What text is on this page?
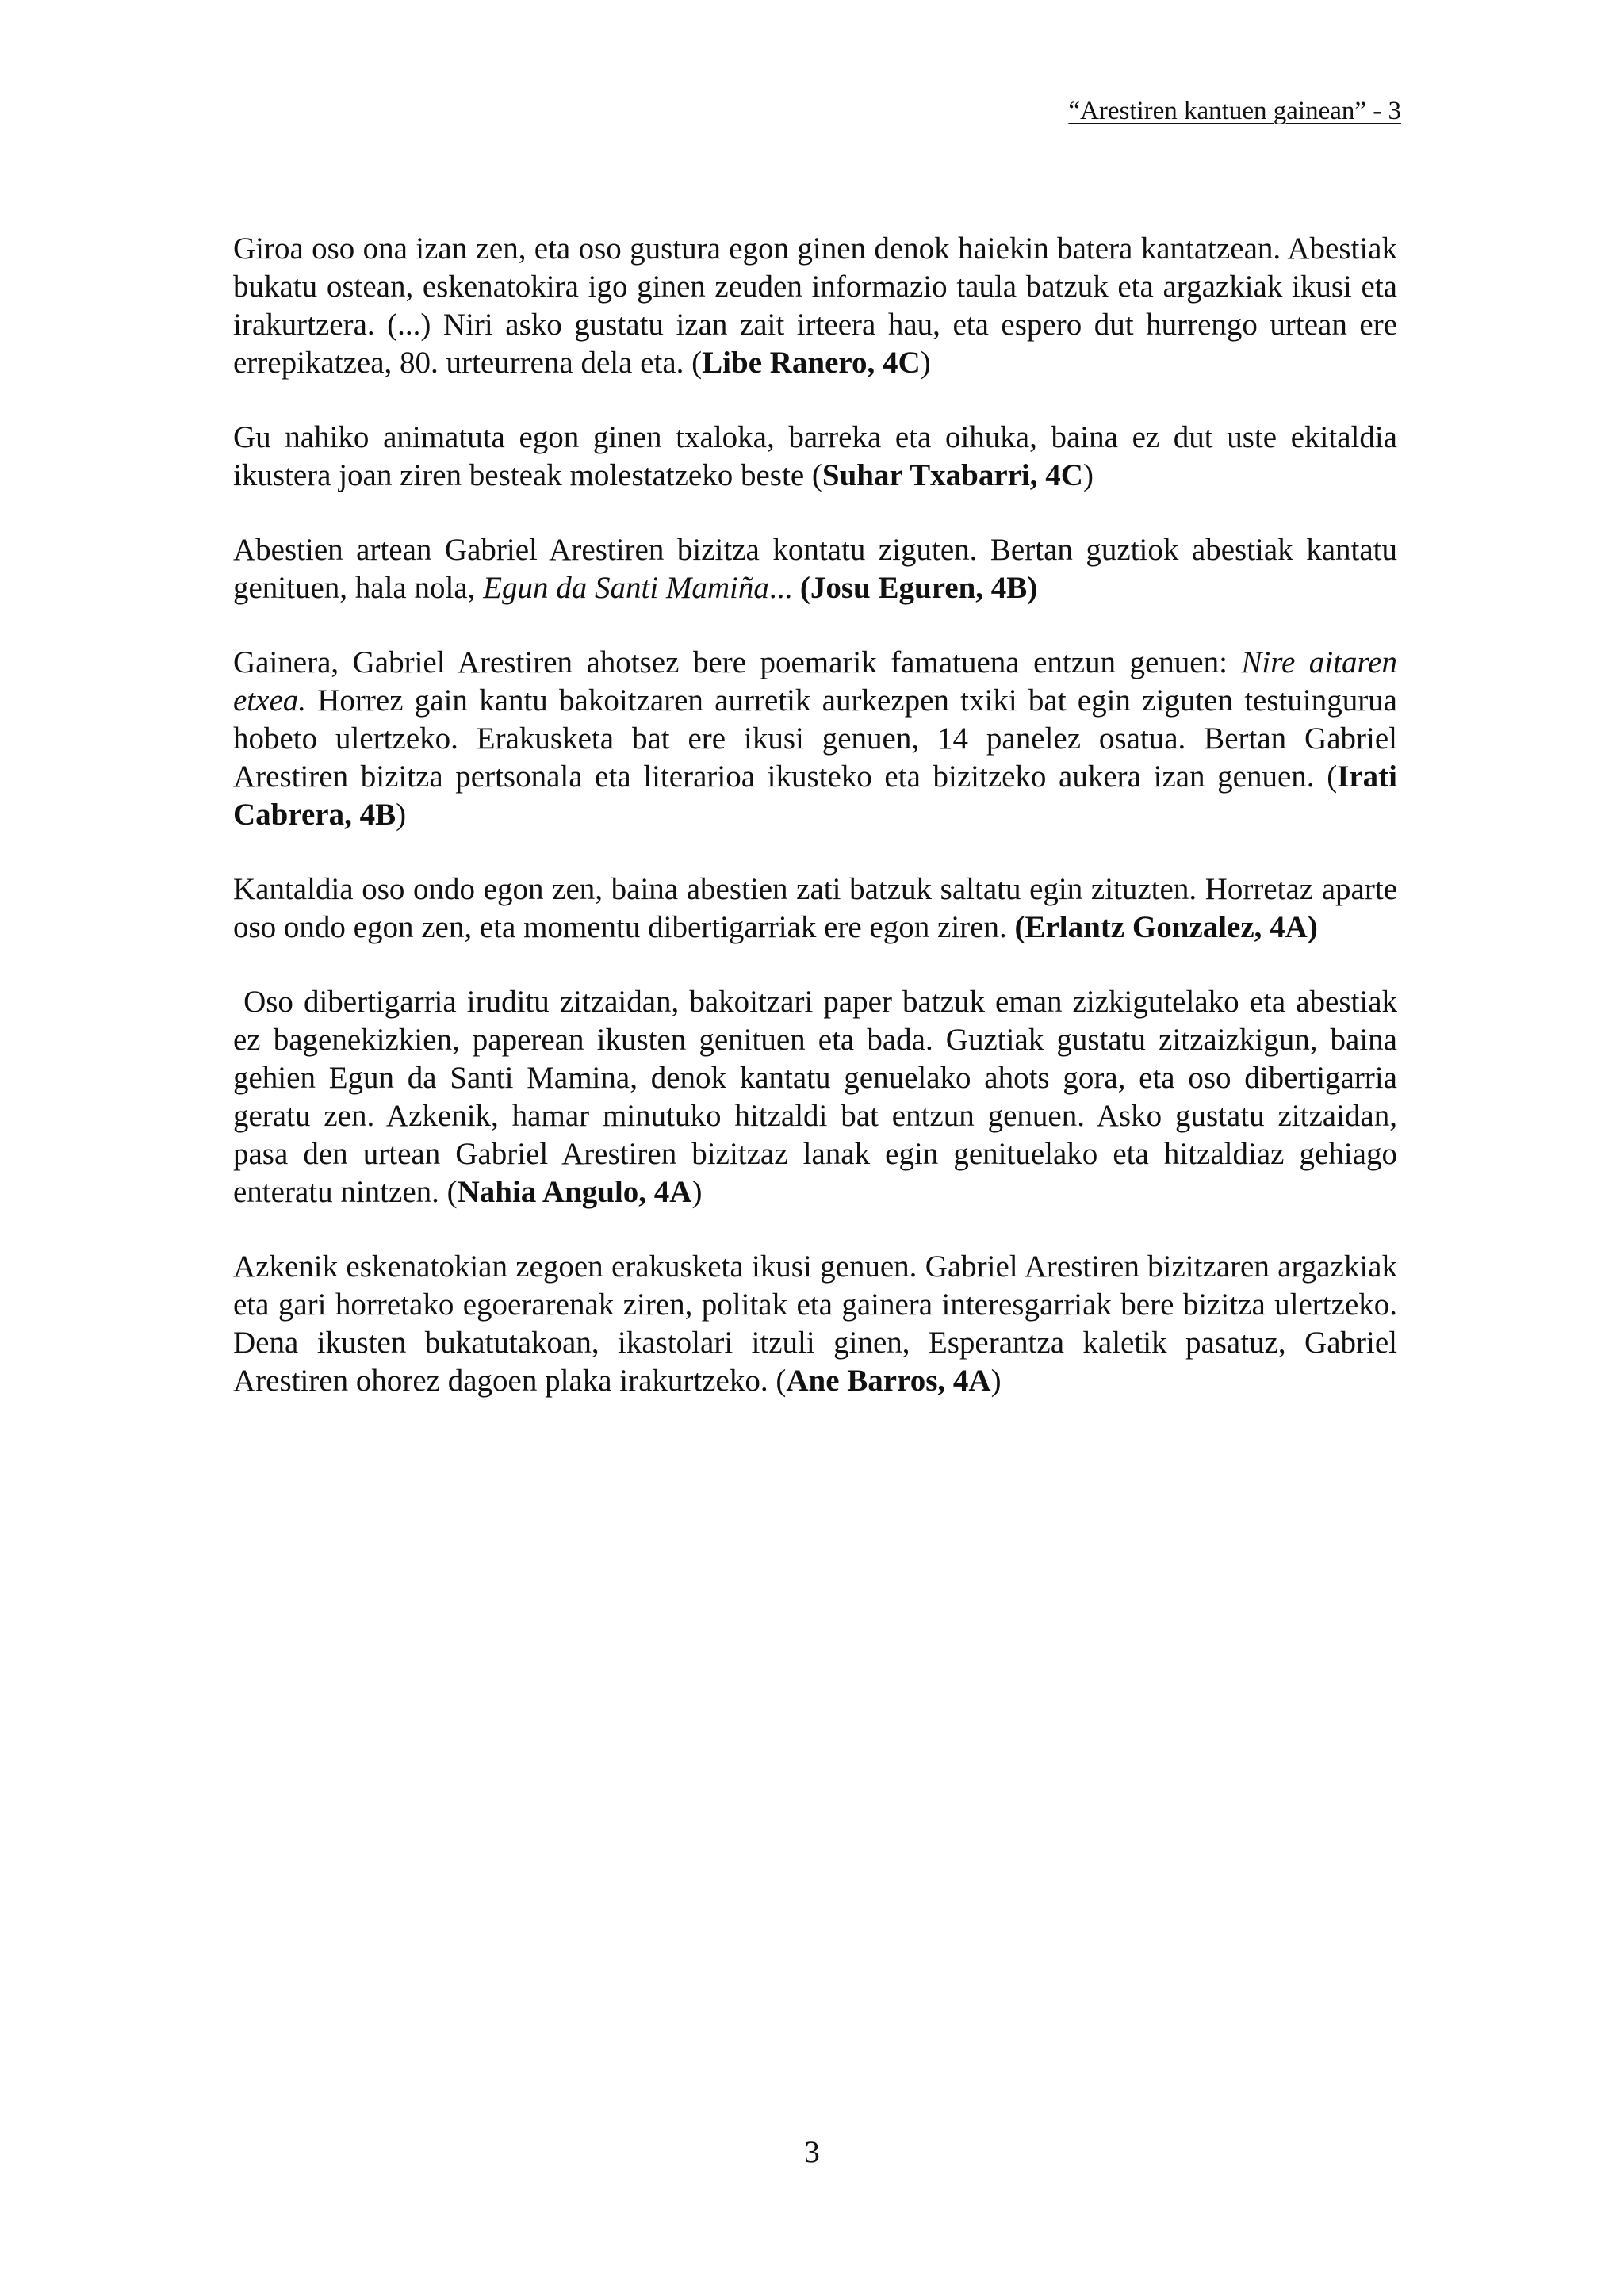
“Arestiren kantuen gainean” - 3

Giroa oso ona izan zen, eta oso gustura egon ginen denok haiekin batera kantatzean. Abestiak bukatu ostean, eskenatokira igo ginen zeuden informazio taula batzuk eta argazkiak ikusi eta irakurtzera. (...) Niri asko gustatu izan zait irteera hau, eta espero dut hurrengo urtean ere errepikatzea, 80. urteurrena dela eta. (Libe Ranero, 4C)

Gu nahiko animatuta egon ginen txaloka, barreka eta oihuka, baina ez dut uste ekitaldia ikustera joan ziren besteak molestatzeko beste (Suhar Txabarri, 4C)

Abestien artean Gabriel Arestiren bizitza kontatu ziguten. Bertan guztiok abestiak kantatu genituen, hala nola, Egun da Santi Mamiña... (Josu Eguren, 4B)

Gainera, Gabriel Arestiren ahotsez bere poemarik famatuena entzun genuen: Nire aitaren etxea. Horrez gain kantu bakoitzaren aurretik aurkezpen txiki bat egin ziguten testuingurua hobeto ulertzeko. Erakusketa bat ere ikusi genuen, 14 panelez osatua. Bertan Gabriel Arestiren bizitza pertsonala eta literarioa ikusteko eta bizitzeko aukera izan genuen. (Irati Cabrera, 4B)

Kantaldia oso ondo egon zen, baina abestien zati batzuk saltatu egin zituzten. Horretaz aparte oso ondo egon zen, eta momentu dibertigarriak ere egon ziren. (Erlantz Gonzalez, 4A)

Oso dibertigarria iruditu zitzaidan, bakoitzari paper batzuk eman zizkigutelako eta abestiak ez bagenekizkien, paperean ikusten genituen eta bada. Guztiak gustatu zitzaizkigun, baina gehien Egun da Santi Mamina, denok kantatu genuelako ahots gora, eta oso dibertigarria geratu zen. Azkenik, hamar minutuko hitzaldi bat entzun genuen. Asko gustatu zitzaidan, pasa den urtean Gabriel Arestiren bizitzaz lanak egin genituelako eta hitzaldiaz gehiago enteratu nintzen. (Nahia Angulo, 4A)

Azkenik eskenatokian zegoen erakusketa ikusi genuen. Gabriel Arestiren bizitzaren argazkiak eta gari horretako egoerarenak ziren, politak eta gainera interesgarriak bere bizitza ulertzeko. Dena ikusten bukatutakoan, ikastolari itzuli ginen, Esperantza kaletik pasatuz, Gabriel Arestiren ohorez dagoen plaka irakurtzeko. (Ane Barros, 4A)

3
